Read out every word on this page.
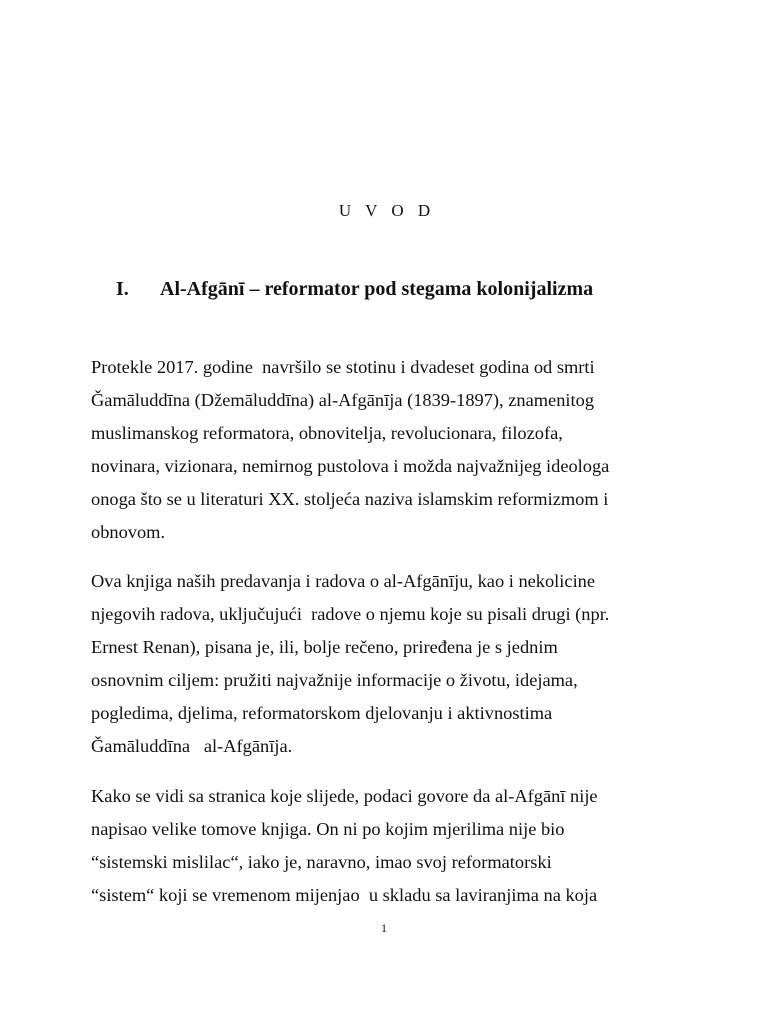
U V O D
I. Al-Afgānī – reformator pod stegama kolonijalizma

Protekle 2017. godine  navršilo se stotinu i dvadeset godina od smrti
Ǧamāluddīna (Džemāluddīna) al-Afgānīja (1839-1897), znamenitog
muslimanskog reformatora, obnovitelja, revolucionara, filozofa,
novinara, vizionara, nemirnog pustolova i možda najvažnijeg ideologa
onoga što se u literaturi XX. stoljeća naziva islamskim reformizmom i
obnovom.

Ova knjiga naših predavanja i radova o al-Afgānīju, kao i nekolicine
njegovih radova, uključujući  radove o njemu koje su pisali drugi (npr.
Ernest Renan), pisana je, ili, bolje rečeno, priređena je s jednim
osnovnim ciljem: pružiti najvažnije informacije o životu, idejama,
pogledima, djelima, reformatorskom djelovanju i aktivnostima
Ǧamāluddīna   al-Afgānīja.

Kako se vidi sa stranica koje slijede, podaci govore da al-Afgānī nije
napisao velike tomove knjiga. On ni po kojim mjerilima nije bio
“sistemski mislilac“, iako je, naravno, imao svoj reformatorski
“sistem“ koji se vremenom mijenjao  u skladu sa laviranjima na koja

1
